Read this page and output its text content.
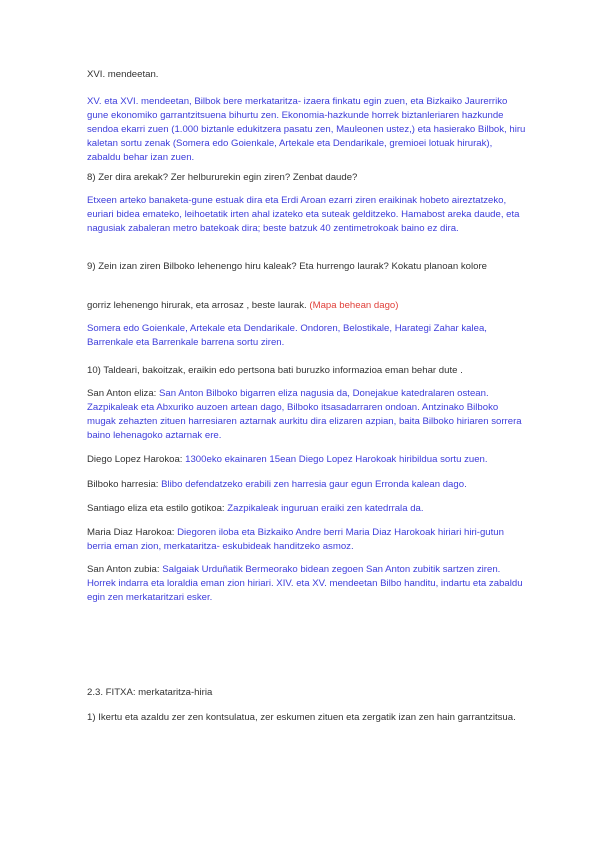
XVI. mendeetan.

XV. eta XVI. mendeetan, Bilbok bere merkataritza- izaera finkatu egin zuen, eta Bizkaiko Jaurerriko gune ekonomiko garrantzitsuena bihurtu zen. Ekonomia-hazkunde horrek biztanleriaren hazkunde sendoa ekarri zuen (1.000 biztanle edukitzera pasatu zen, Mauleonen ustez,) eta hasierako Bilbok, hiru kaletan sortu zenak (Somera edo Goienkale, Artekale eta Dendarikale, gremioei lotuak hirurak), zabaldu behar izan zuen.

8) Zer dira arekak? Zer helbururekin egin ziren? Zenbat daude?

Etxeen arteko banaketa-gune estuak dira eta Erdi Aroan ezarri ziren eraikinak hobeto aireztatzeko, euriari bidea emateko, leihoetatik irten ahal izateko eta suteak gelditzeko. Hamabost areka daude, eta nagusiak zabaleran metro batekoak dira; beste batzuk 40 zentimetrokoak baino ez dira.

9) Zein izan ziren Bilboko lehenengo hiru kaleak? Eta hurrengo laurak? Kokatu planoan kolore

gorriz lehenengo hirurak, eta arrosaz , beste laurak. (Mapa behean dago)

Somera edo Goienkale, Artekale eta Dendarikale. Ondoren, Belostikale, Harategi Zahar kalea, Barrenkale eta Barrenkale barrena sortu ziren.

10) Taldeari, bakoitzak, eraikin edo pertsona bati buruzko informazioa eman behar dute .

San Anton eliza: San Anton Bilboko bigarren eliza nagusia da, Donejakue katedralaren ostean. Zazpikaleak eta Abxuriko auzoen artean dago, Bilboko itsasadarraren ondoan. Antzinako Bilboko mugak zehazten zituen harresiaren aztarnak aurkitu dira elizaren azpian, baita Bilboko hiriaren sorrera baino lehenagoko aztarnak ere.

Diego Lopez Harokoa: 1300eko ekainaren 15ean Diego Lopez Harokoak hiribildua sortu zuen.

Bilboko harresia: Blibo defendatzeko erabili zen harresia gaur egun Erronda kalean dago.

Santiago eliza eta estilo gotikoa: Zazpikaleak inguruan eraiki zen katedrrala da.

Maria Diaz Harokoa: Diegoren iloba eta Bizkaiko Andre berri Maria Diaz Harokoak hiriari hiri-gutun berria eman zion, merkataritza- eskubideak handitzeko asmoz.

San Anton zubia: Salgaiak Urduñatik Bermeorako bidean zegoen San Anton zubitik sartzen ziren. Horrek indarra eta loraldia eman zion hiriari. XIV. eta XV. mendeetan Bilbo handitu, indartu eta zabaldu egin zen merkataritzari esker.

2.3. FITXA: merkataritza-hiria

1) Ikertu eta azaldu zer zen kontsulatua, zer eskumen zituen eta zergatik izan zen hain garrantzitsua.
